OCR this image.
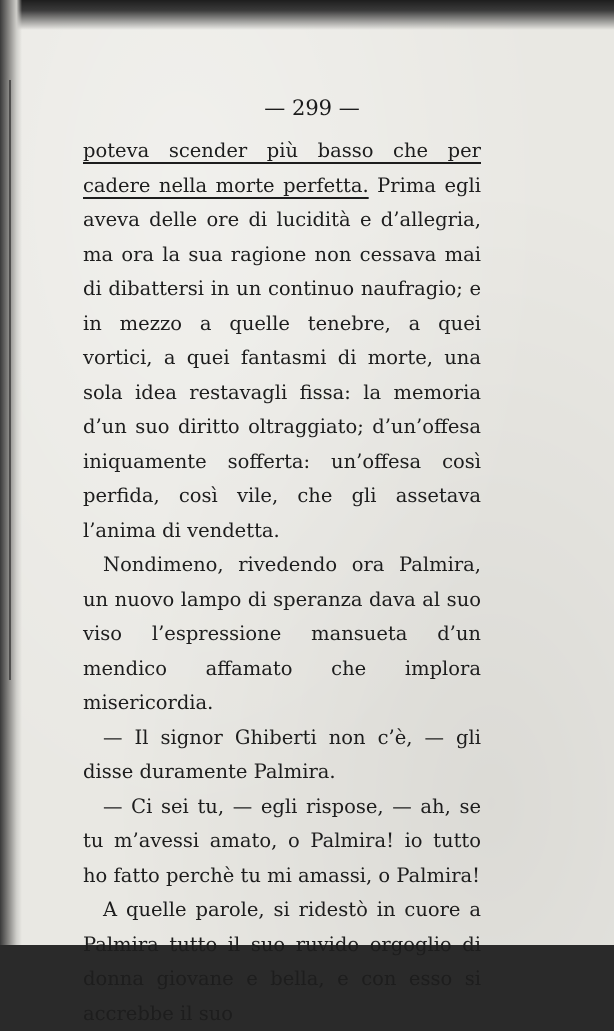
— 299 —

poteva scender più basso che per cadere nella morte perfetta. Prima egli aveva delle ore di lucidità e d’allegria, ma ora la sua ragione non cessava mai di dibattersi in un continuo naufragio; e in mezzo a quelle tenebre, a quei vortici, a quei fantasmi di morte, una sola idea restavagli fissa: la memoria d’un suo diritto oltraggiato; d’un’offesa iniquamente sofferta: un’offesa così perfida, così vile, che gli assetava l’anima di vendetta.

Nondimeno, rivedendo ora Palmira, un nuovo lampo di speranza dava al suo viso l’espressione mansueta d’un mendico affamato che implora misericordia.

— Il signor Ghiberti non c’è, — gli disse duramente Palmira.

— Ci sei tu, — egli rispose, — ah, se tu m’avessi amato, o Palmira! io tutto ho fatto perchè tu mi amassi, o Palmira!

A quelle parole, si ridestò in cuore a Palmira tutto il suo ruvido orgoglio di donna giovane e bella, e con esso si accrebbe il suo
